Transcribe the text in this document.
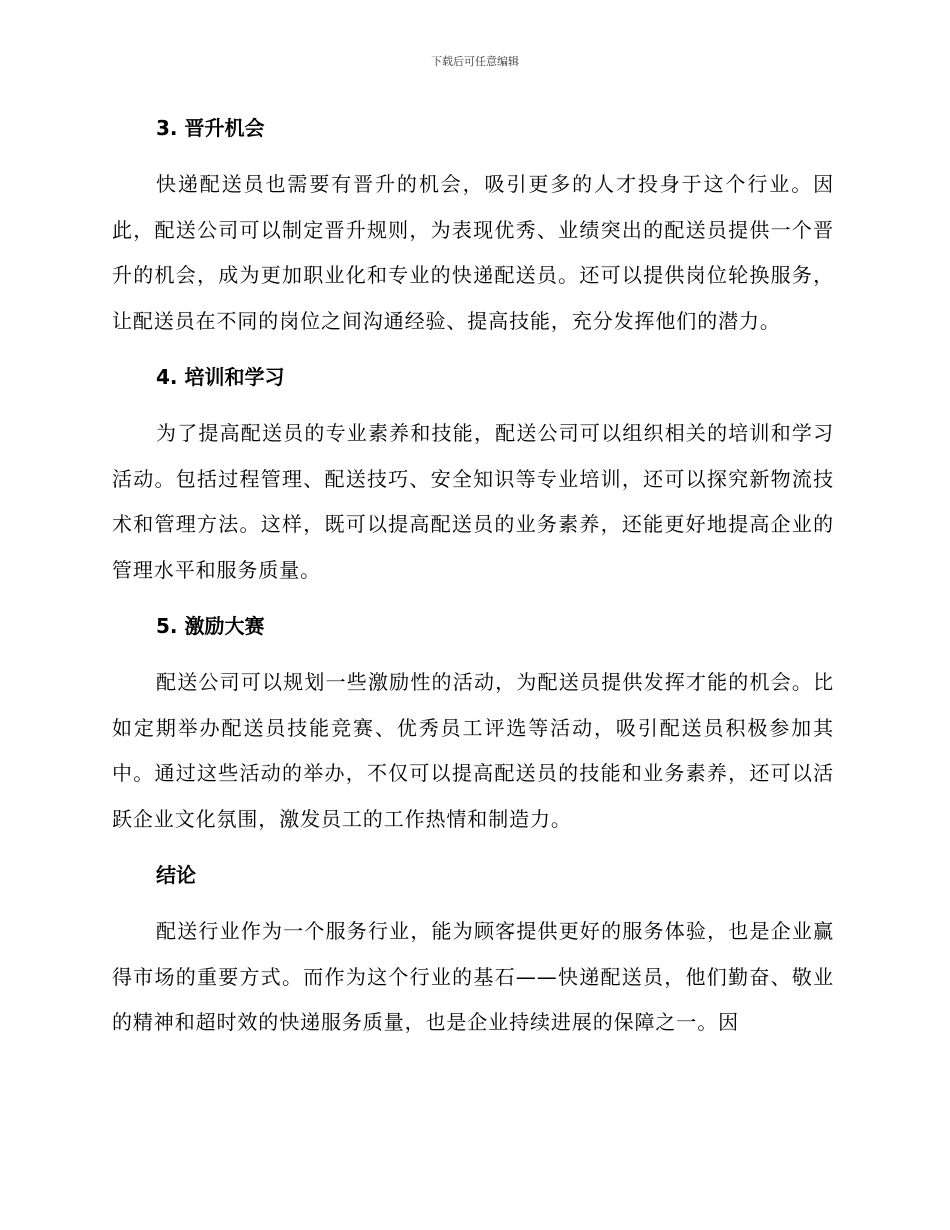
下载后可任意编辑
3. 晋升机会

快递配送员也需要有晋升的机会，吸引更多的人才投身于这个行业。因此，配送公司可以制定晋升规则，为表现优秀、业绩突出的配送员提供一个晋升的机会，成为更加职业化和专业的快递配送员。还可以提供岗位轮换服务，让配送员在不同的岗位之间沟通经验、提高技能，充分发挥他们的潜力。

4. 培训和学习

为了提高配送员的专业素养和技能，配送公司可以组织相关的培训和学习活动。包括过程管理、配送技巧、安全知识等专业培训，还可以探究新物流技术和管理方法。这样，既可以提高配送员的业务素养，还能更好地提高企业的管理水平和服务质量。

5. 激励大赛

配送公司可以规划一些激励性的活动，为配送员提供发挥才能的机会。比如定期举办配送员技能竞赛、优秀员工评选等活动，吸引配送员积极参加其中。通过这些活动的举办，不仅可以提高配送员的技能和业务素养，还可以活跃企业文化氛围，激发员工的工作热情和制造力。

结论

配送行业作为一个服务行业，能为顾客提供更好的服务体验，也是企业赢得市场的重要方式。而作为这个行业的基石——快递配送员，他们勤奋、敬业的精神和超时效的快递服务质量，也是企业持续进展的保障之一。因
